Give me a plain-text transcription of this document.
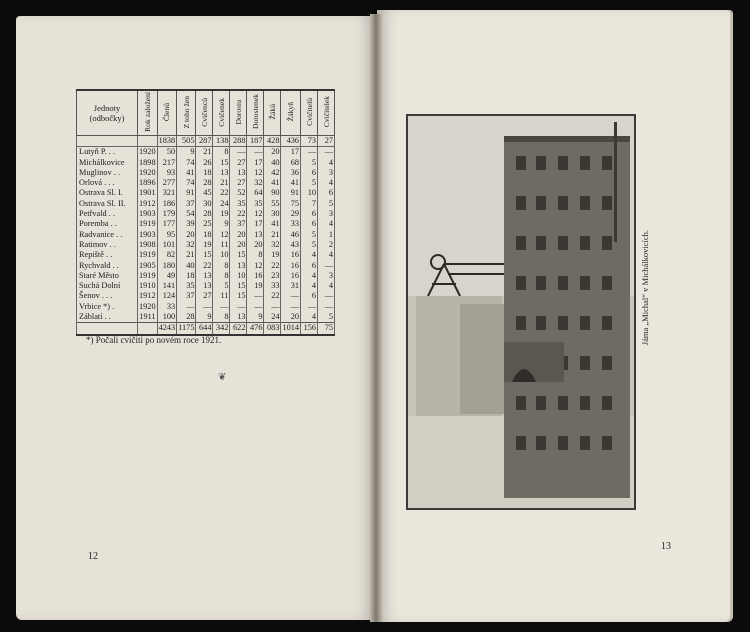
Jednoty (odbočky)	Rok založení	Členů	Z toho žen	Cvičenců	Cvičenek	Dorostu	Dorostenek	Žáků	Žákyň	Cvičitelů	Cvičitelek
		1838	505	287	138	288	187	428	436	73	27
Lutyň P. . .	1920	50	9	21	8	—	—	20	17	—	—
Michálkovice	1898	217	74	26	15	27	17	40	68	5	4
Muglinov . .	1920	93	41	18	13	13	12	42	36	6	3
Orlová . . .	1896	277	74	28	21	27	32	41	41	5	4
Ostrava Sl. I.	1901	321	91	45	22	52	64	90	91	10	6
Ostrava Sl. II.	1912	186	37	30	24	35	35	55	75	7	5
Petřvald . .	1903	179	54	28	19	22	12	30	29	6	3
Poremba . .	1919	177	39	25	9	37	17	41	33	6	4
Radvanice . .	1903	95	20	18	12	20	13	21	46	5	1
Ratimov . .	1908	101	32	19	11	20	20	32	43	5	2
Repiště . .	1919	82	21	15	10	15	8	19	16	4	4
Rychvald . .	1905	180	40	22	8	13	12	22	16	6	—
Staré Město	1919	49	18	13	8	10	16	23	16	4	3
Suchá Dolní	1910	141	35	13	5	15	19	33	31	4	4
Šenov . . .	1912	124	37	27	11	15	—	22	—	6	—
Vrbice *) .	1920	33	—	—	—	—	—	—	—	—	—
Záblatí . .	1911	100	28	9	8	13	9	24	20	4	5
		4243	1175	644	342	622	476	083	1014	156	75
*) Počali cvičiti po novém roce 1921.
❦
12
13
Jáma „Michal“ v Michálkovicích.
